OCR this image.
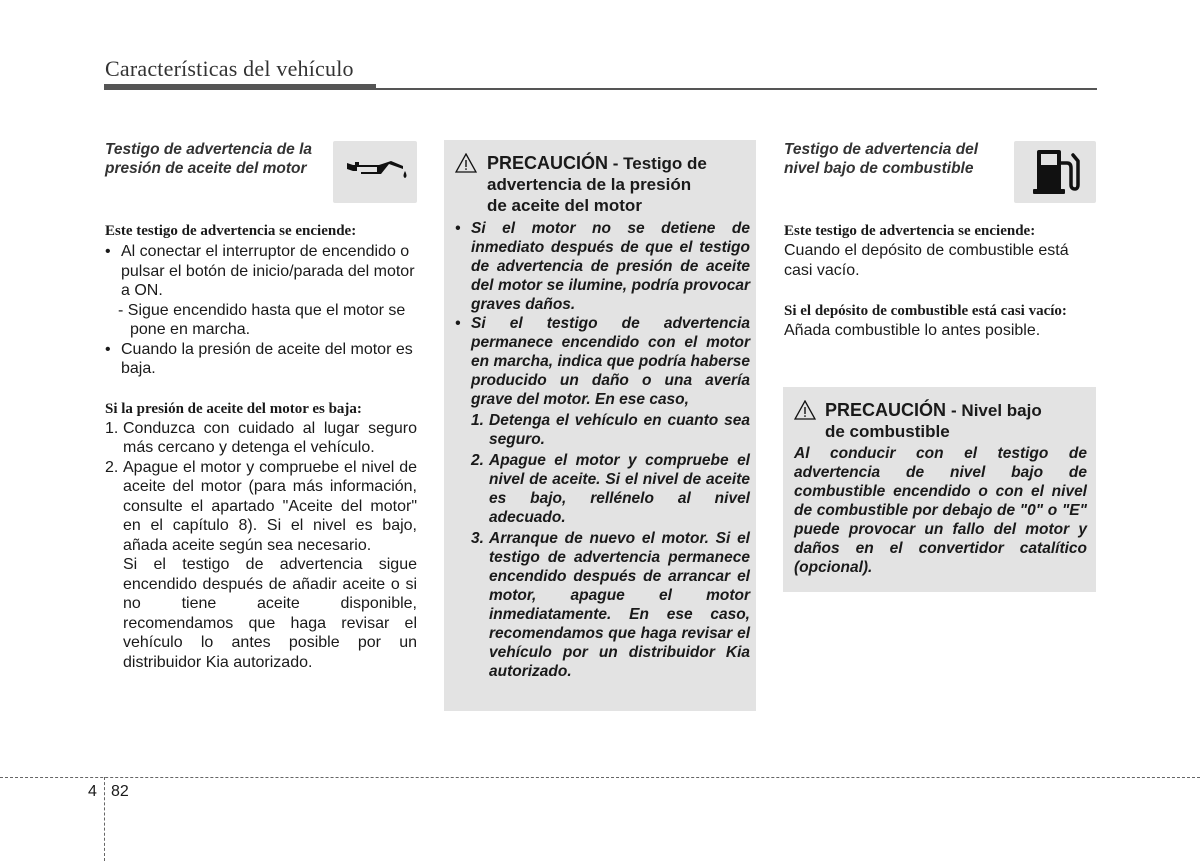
Características del vehículo
Testigo de advertencia de la presión de aceite del motor
Este testigo de advertencia se enciende:
• Al conectar el interruptor de encendido o pulsar el botón de inicio/parada del motor a ON.
- Sigue encendido hasta que el motor se pone en marcha.
• Cuando la presión de aceite del motor es baja.
Si la presión de aceite del motor es baja:
1. Conduzca con cuidado al lugar seguro más cercano y detenga el vehículo.
2. Apague el motor y compruebe el nivel de aceite del motor (para más información, consulte el apartado "Aceite del motor" en el capítulo 8). Si el nivel es bajo, añada aceite según sea necesario.
Si el testigo de advertencia sigue encendido después de añadir aceite o si no tiene aceite disponible, recomendamos que haga revisar el vehículo lo antes posible por un distribuidor Kia autorizado.
PRECAUCIÓN - Testigo de
advertencia de la presión
de aceite del motor
• Si el motor no se detiene de inmediato después de que el testigo de advertencia de presión de aceite del motor se ilumine, podría provocar graves daños.
• Si el testigo de advertencia permanece encendido con el motor en marcha, indica que podría haberse producido un daño o una avería grave del motor. En ese caso,
1. Detenga el vehículo en cuanto sea seguro.
2. Apague el motor y compruebe el nivel de aceite. Si el nivel de aceite es bajo, rellénelo al nivel adecuado.
3. Arranque de nuevo el motor. Si el testigo de advertencia permanece encendido después de arrancar el motor, apague el motor inmediatamente. En ese caso, recomendamos que haga revisar el vehículo por un distribuidor Kia autorizado.
Testigo de advertencia del nivel bajo de combustible
Este testigo de advertencia se enciende:
Cuando el depósito de combustible está casi vacío.
Si el depósito de combustible está casi vacío:
Añada combustible lo antes posible.
PRECAUCIÓN - Nivel bajo
de combustible
Al conducir con el testigo de advertencia de nivel bajo de combustible encendido o con el nivel de combustible por debajo de "0" o "E" puede provocar un fallo del motor y daños en el convertidor catalítico (opcional).
4 82
